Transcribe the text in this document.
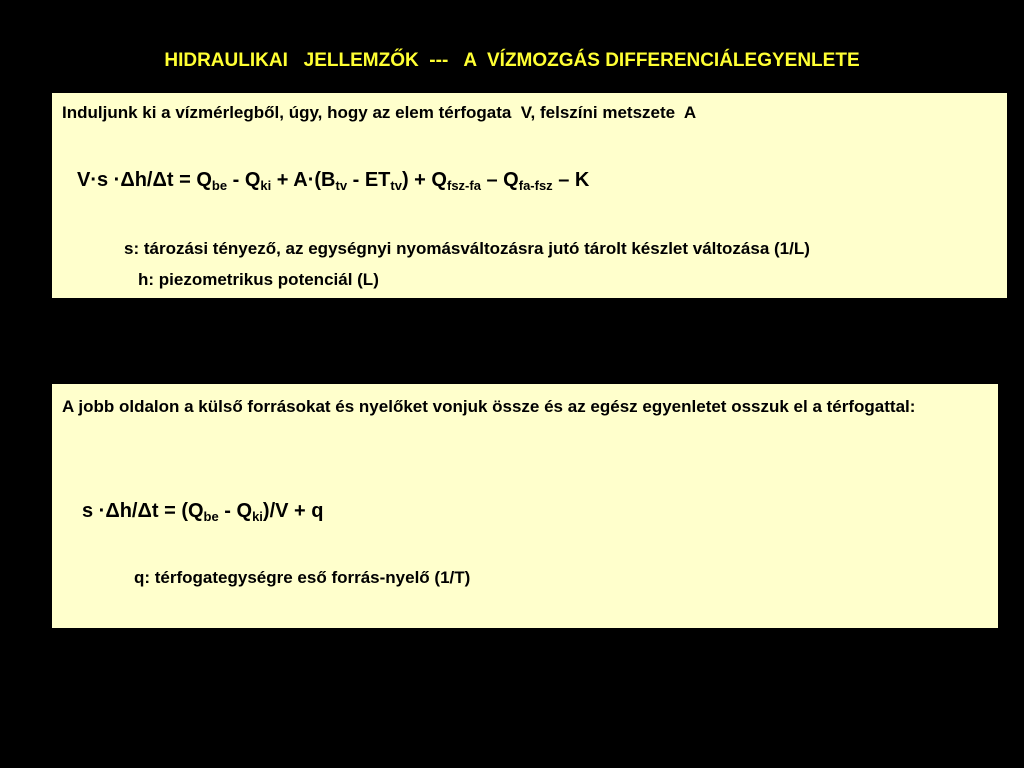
HIDRAULIKAI   JELLEMZŐK  ---   A  VÍZMOZGÁS DIFFERENCIÁLEGYENLETE
Induljunk ki a vízmérlegből, úgy, hogy az elem térfogata  V, felszíni metszete  A
$V\cdot s \cdot\Delta h/\Delta t = Q_{be} - Q_{ki} + A\cdot(B_{tv} - ET_{tv}) + Q_{fsz-fa} - Q_{fa-fsz} - K$
s: tározási tényező, az egységnyi nyomásváltozásra jutó tárolt készlet változása (1/L)
h: piezometrikus potenciál (L)
A jobb oldalon a külső forrásokat és nyelőket vonjuk össze és az egész egyenletet osszuk el a térfogattal:
$s \cdot\Delta h/\Delta t = (Q_{be} - Q_{ki})/V + q$
q: térfogategységre eső forrás-nyelő (1/T)
